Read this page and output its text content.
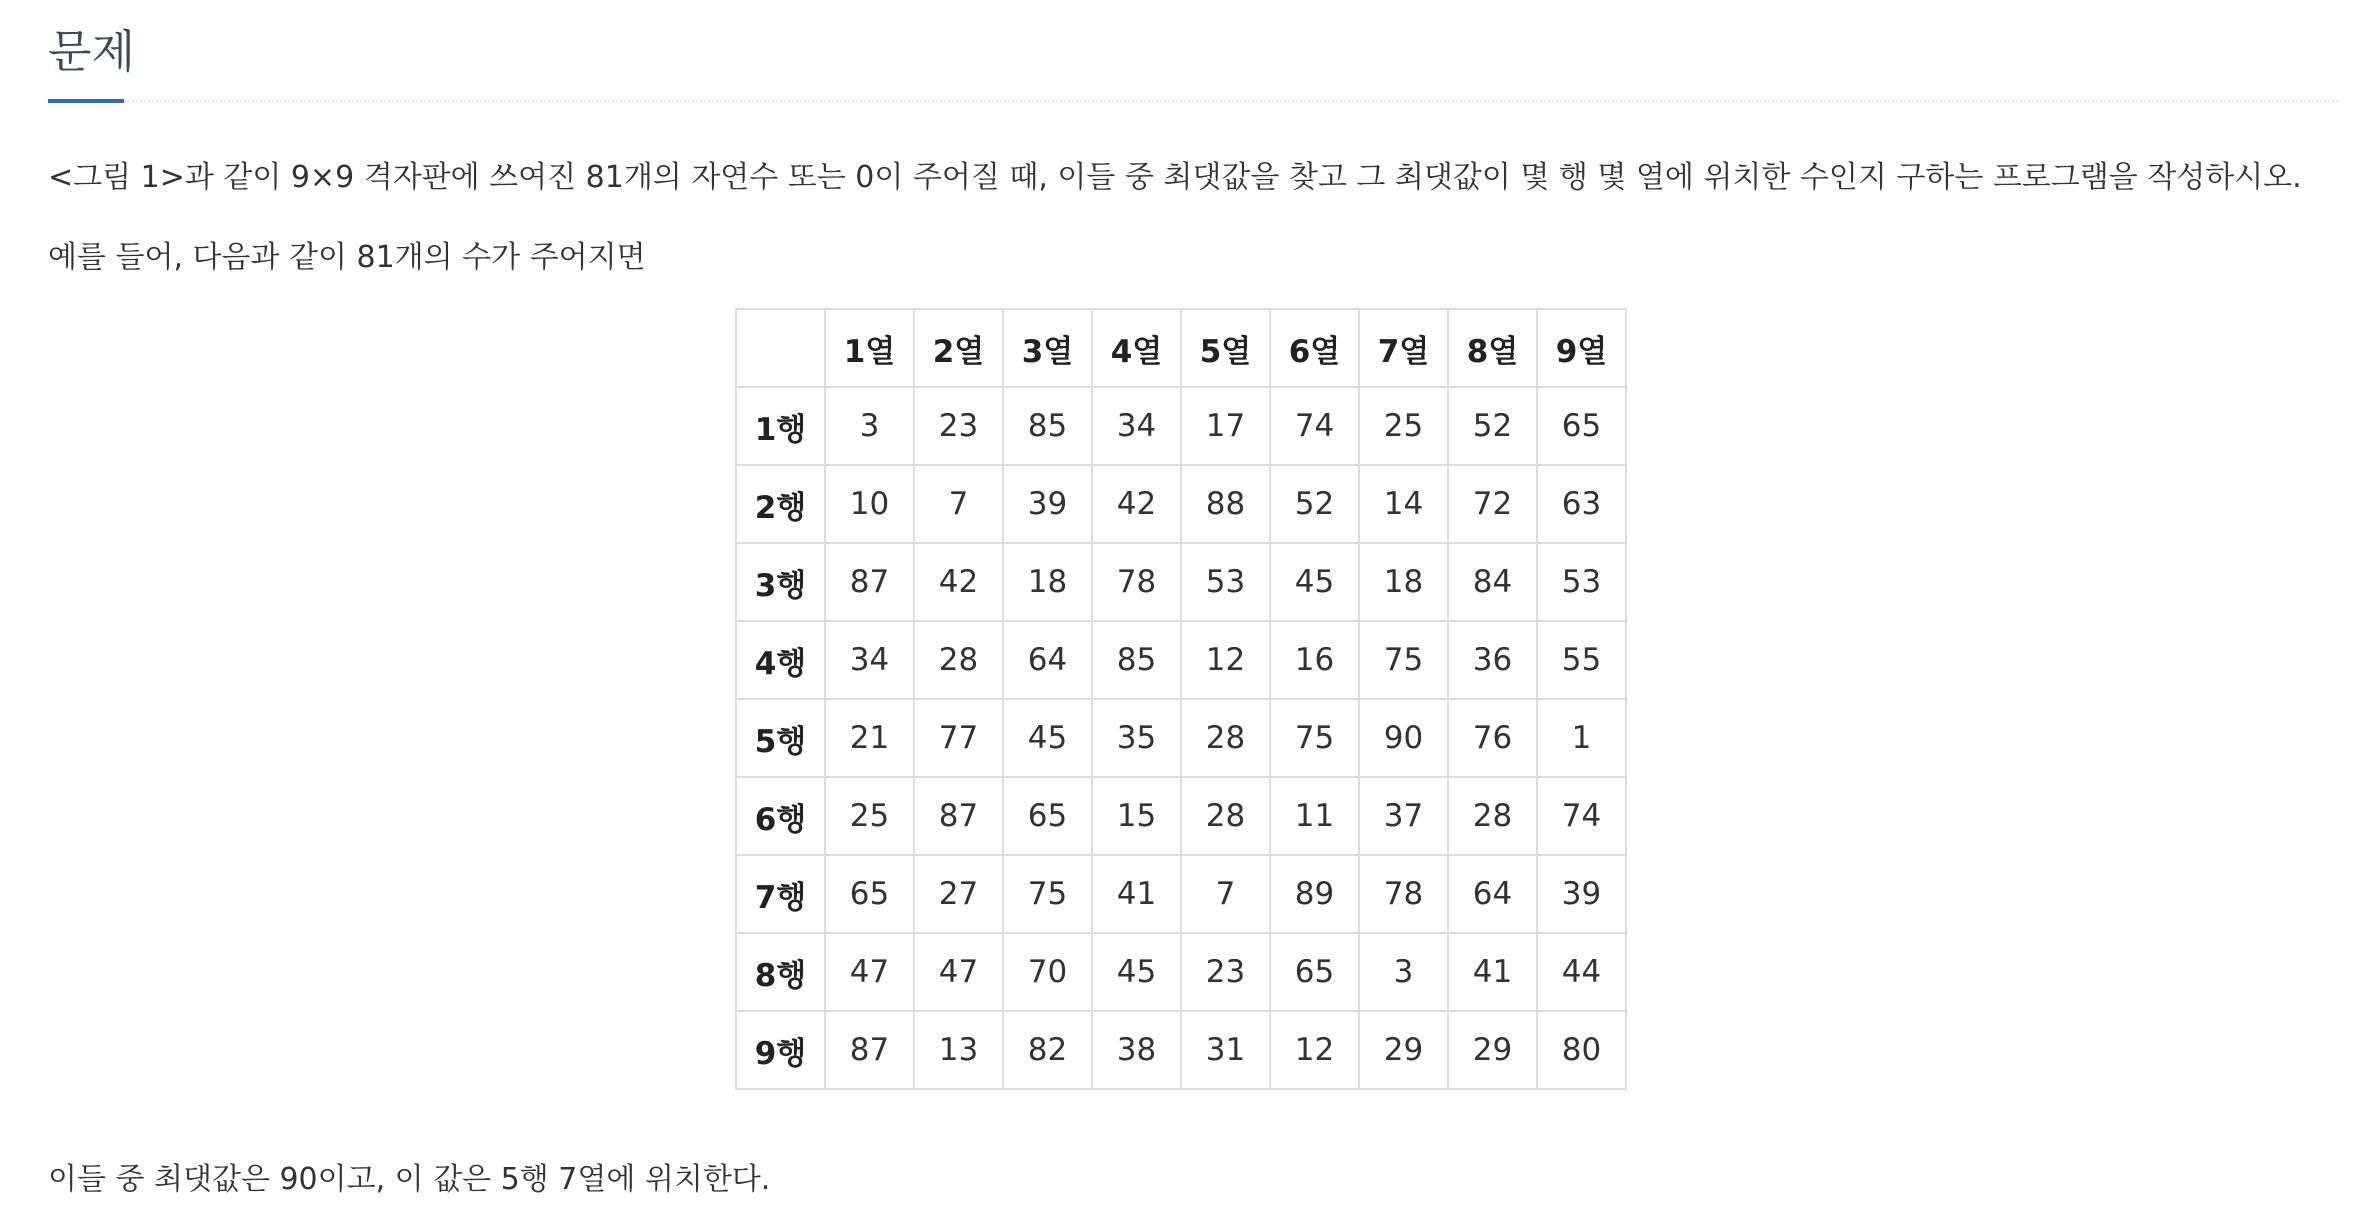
문제

<그림 1>과 같이 9×9 격자판에 쓰여진 81개의 자연수 또는 0이 주어질 때, 이들 중 최댓값을 찾고 그 최댓값이 몇 행 몇 열에 위치한 수인지 구하는 프로그램을 작성하시오.

예를 들어, 다음과 같이 81개의 수가 주어지면

	1열	2열	3열	4열	5열	6열	7열	8열	9열
1행	3	23	85	34	17	74	25	52	65
2행	10	7	39	42	88	52	14	72	63
3행	87	42	18	78	53	45	18	84	53
4행	34	28	64	85	12	16	75	36	55
5행	21	77	45	35	28	75	90	76	1
6행	25	87	65	15	28	11	37	28	74
7행	65	27	75	41	7	89	78	64	39
8행	47	47	70	45	23	65	3	41	44
9행	87	13	82	38	31	12	29	29	80

이들 중 최댓값은 90이고, 이 값은 5행 7열에 위치한다.
